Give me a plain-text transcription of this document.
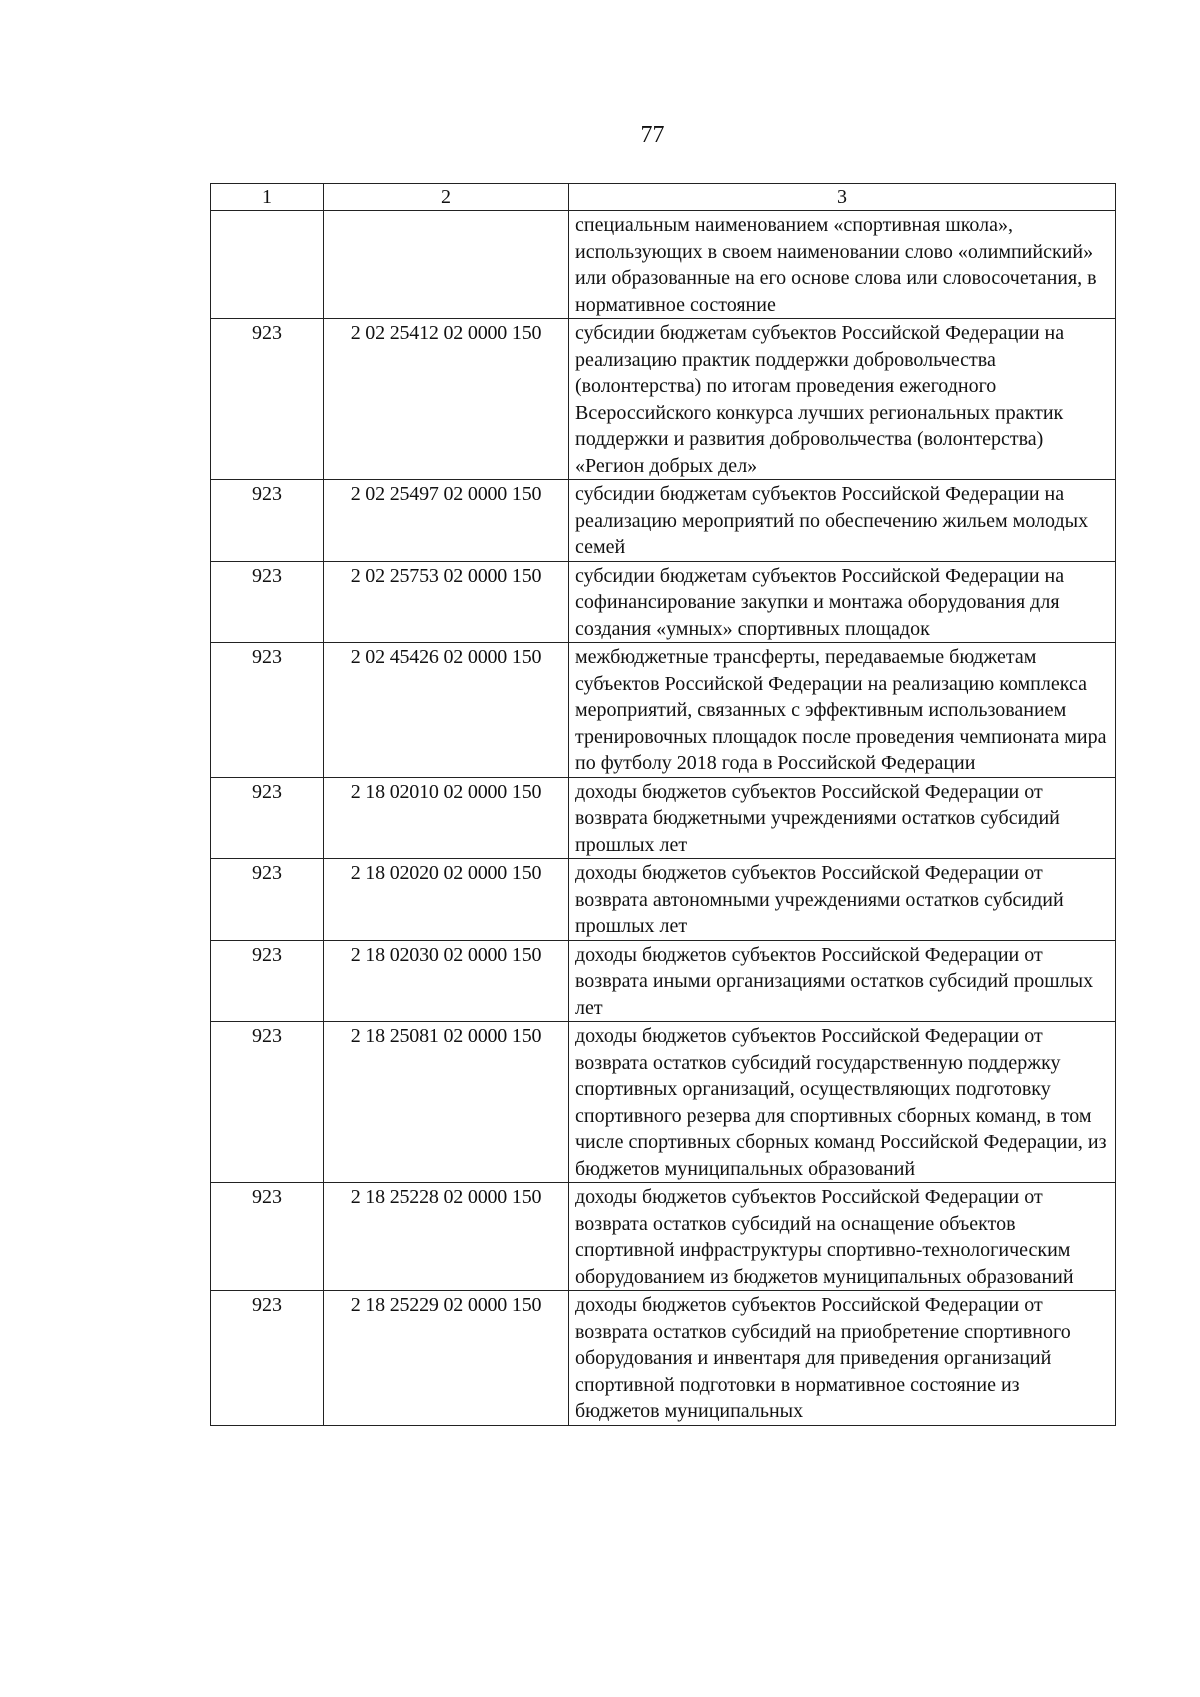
77
1	2	3
		специальным наименованием «спортивная школа», использующих в своем наименовании слово «олимпийский» или образованные на его основе слова или словосочетания, в нормативное состояние
923	2 02 25412 02 0000 150	субсидии бюджетам субъектов Российской Федерации на реализацию практик поддержки добровольчества (волонтерства) по итогам проведения ежегодного Всероссийского конкурса лучших региональных практик поддержки и развития добровольчества (волонтерства) «Регион добрых дел»
923	2 02 25497 02 0000 150	субсидии бюджетам субъектов Российской Федерации на реализацию мероприятий по обеспечению жильем молодых семей
923	2 02 25753 02 0000 150	субсидии бюджетам субъектов Российской Федерации на софинансирование закупки и монтажа оборудования для создания «умных» спортивных площадок
923	2 02 45426 02 0000 150	межбюджетные трансферты, передаваемые бюджетам субъектов Российской Федерации на реализацию комплекса мероприятий, связанных с эффективным использованием тренировочных площадок после проведения чемпионата мира по футболу 2018 года в Российской Федерации
923	2 18 02010 02 0000 150	доходы бюджетов субъектов Российской Федерации от возврата бюджетными учреждениями остатков субсидий прошлых лет
923	2 18 02020 02 0000 150	доходы бюджетов субъектов Российской Федерации от возврата автономными учреждениями остатков субсидий прошлых лет
923	2 18 02030 02 0000 150	доходы бюджетов субъектов Российской Федерации от возврата иными организациями остатков субсидий прошлых лет
923	2 18 25081 02 0000 150	доходы бюджетов субъектов Российской Федерации от возврата остатков субсидий государственную поддержку спортивных организаций, осуществляющих подготовку спортивного резерва для спортивных сборных команд, в том числе спортивных сборных команд Российской Федерации, из бюджетов муниципальных образований
923	2 18 25228 02 0000 150	доходы бюджетов субъектов Российской Федерации от возврата остатков субсидий на оснащение объектов спортивной инфраструктуры спортивно-технологическим оборудованием из бюджетов муниципальных образований
923	2 18 25229 02 0000 150	доходы бюджетов субъектов Российской Федерации от возврата остатков субсидий на приобретение спортивного оборудования и инвентаря для приведения организаций спортивной подготовки в нормативное состояние из бюджетов муниципальных
